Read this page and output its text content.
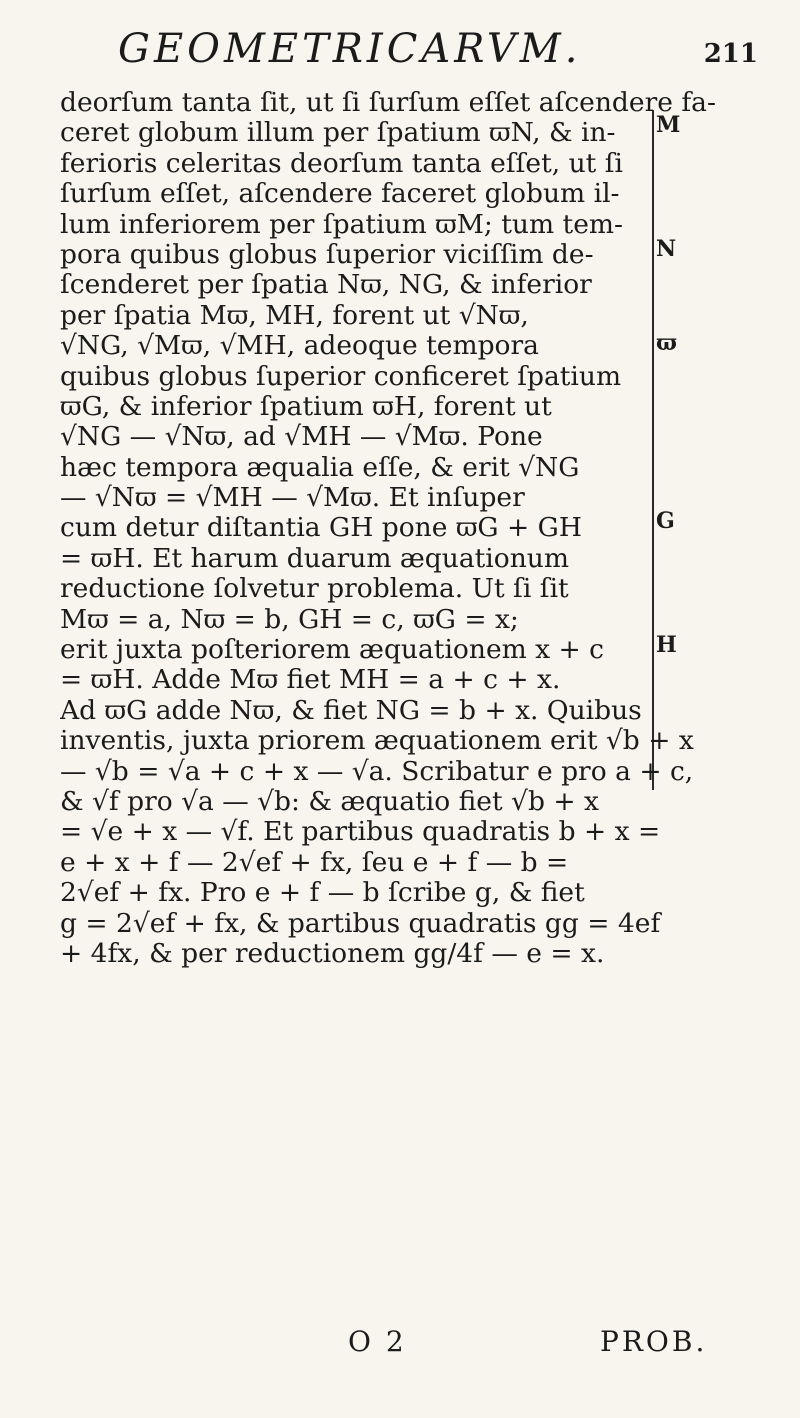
GEOMETRICARVM.	211
M
N
ϖ
G
H
deorſum tanta ſit, ut ſi ſurſum eſſet aſcendere fa-
ceret globum illum per ſpatium ϖN, & in-
ferioris celeritas deorſum tanta eſſet, ut ſi
ſurſum eſſet, aſcendere faceret globum il-
lum inferiorem per ſpatium ϖM; tum tem-
pora quibus globus ſuperior viciſſim de-
ſcenderet per ſpatia Nϖ, NG, & inferior
per ſpatia Mϖ, MH, forent ut √Nϖ,
√NG, √Mϖ, √MH, adeoque tempora
quibus globus ſuperior conficeret ſpatium
ϖG, & inferior ſpatium ϖH, forent ut
√NG — √Nϖ, ad √MH — √Mϖ. Pone
hæc tempora æqualia eſſe, & erit √NG
— √Nϖ = √MH — √Mϖ. Et inſuper
cum detur diſtantia GH pone ϖG + GH
= ϖH. Et harum duarum æquationum
reductione ſolvetur problema. Ut ſi ſit
Mϖ = a, Nϖ = b, GH = c, ϖG = x;
erit juxta poſteriorem æquationem x + c
= ϖH. Adde Mϖ fiet MH = a + c + x.
Ad ϖG adde Nϖ, & fiet NG = b + x. Quibus
inventis, juxta priorem æquationem erit √b + x
— √b = √a + c + x — √a. Scribatur e pro a + c,
& √f pro √a — √b: & æquatio fiet √b + x
= √e + x — √f. Et partibus quadratis b + x =
e + x + f — 2√ef + fx, ſeu e + f — b =
2√ef + fx. Pro e + f — b ſcribe g, & fiet
g = 2√ef + fx, & partibus quadratis gg = 4ef
+ 4fx, & per reductionem gg/4f — e = x.
O 2	PROB.
